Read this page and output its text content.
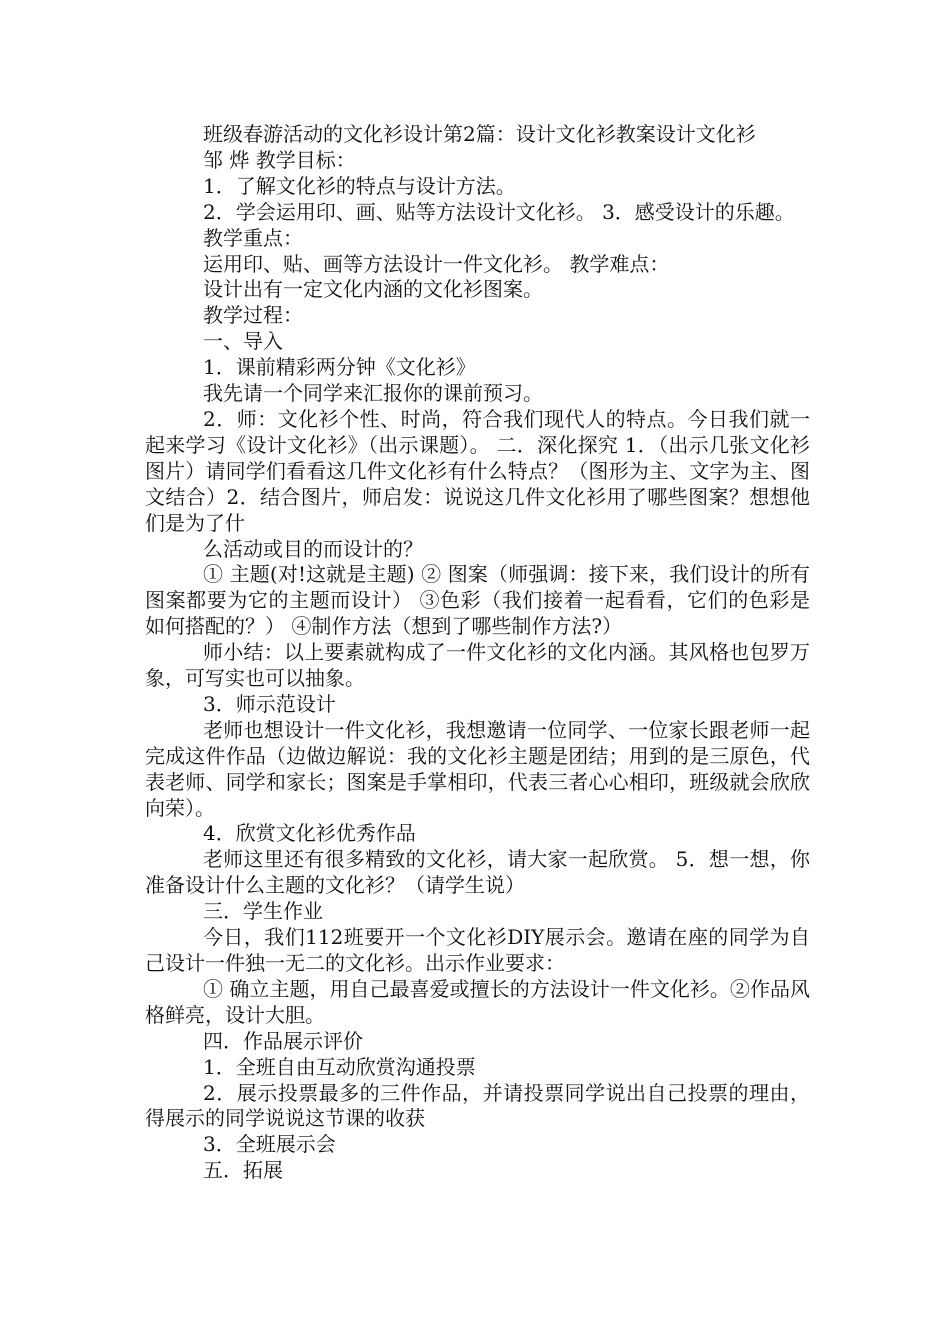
班级春游活动的文化衫设计第2篇：设计文化衫教案设计文化衫

邹 烨 教学目标：

1．了解文化衫的特点与设计方法。

2．学会运用印、画、贴等方法设计文化衫。 3．感受设计的乐趣。

教学重点：

运用印、贴、画等方法设计一件文化衫。 教学难点：

设计出有一定文化内涵的文化衫图案。

教学过程：

一、导入

1．课前精彩两分钟《文化衫》

我先请一个同学来汇报你的课前预习。

2．师：文化衫个性、时尚，符合我们现代人的特点。今日我们就一起来学习《设计文化衫》（出示课题）。 二．深化探究 1．（出示几张文化衫图片）请同学们看看这几件文化衫有什么特点？（图形为主、文字为主、图文结合）2．结合图片，师启发：说说这几件文化衫用了哪些图案？想想他们是为了什

么活动或目的而设计的？

① 主题(对!这就是主题) ② 图案（师强调：接下来，我们设计的所有图案都要为它的主题而设计） ③色彩（我们接着一起看看，它们的色彩是如何搭配的？） ④制作方法（想到了哪些制作方法?）

师小结：以上要素就构成了一件文化衫的文化内涵。其风格也包罗万象，可写实也可以抽象。

3．师示范设计

老师也想设计一件文化衫，我想邀请一位同学、一位家长跟老师一起完成这件作品（边做边解说：我的文化衫主题是团结；用到的是三原色，代表老师、同学和家长；图案是手掌相印，代表三者心心相印，班级就会欣欣向荣）。

4．欣赏文化衫优秀作品

老师这里还有很多精致的文化衫，请大家一起欣赏。 5．想一想，你准备设计什么主题的文化衫？（请学生说）

三．学生作业

今日，我们112班要开一个文化衫DIY展示会。邀请在座的同学为自己设计一件独一无二的文化衫。出示作业要求：

① 确立主题，用自己最喜爱或擅长的方法设计一件文化衫。②作品风格鲜亮，设计大胆。

四．作品展示评价

1．全班自由互动欣赏沟通投票

2．展示投票最多的三件作品，并请投票同学说出自己投票的理由，得展示的同学说说这节课的收获

3．全班展示会

五．拓展
